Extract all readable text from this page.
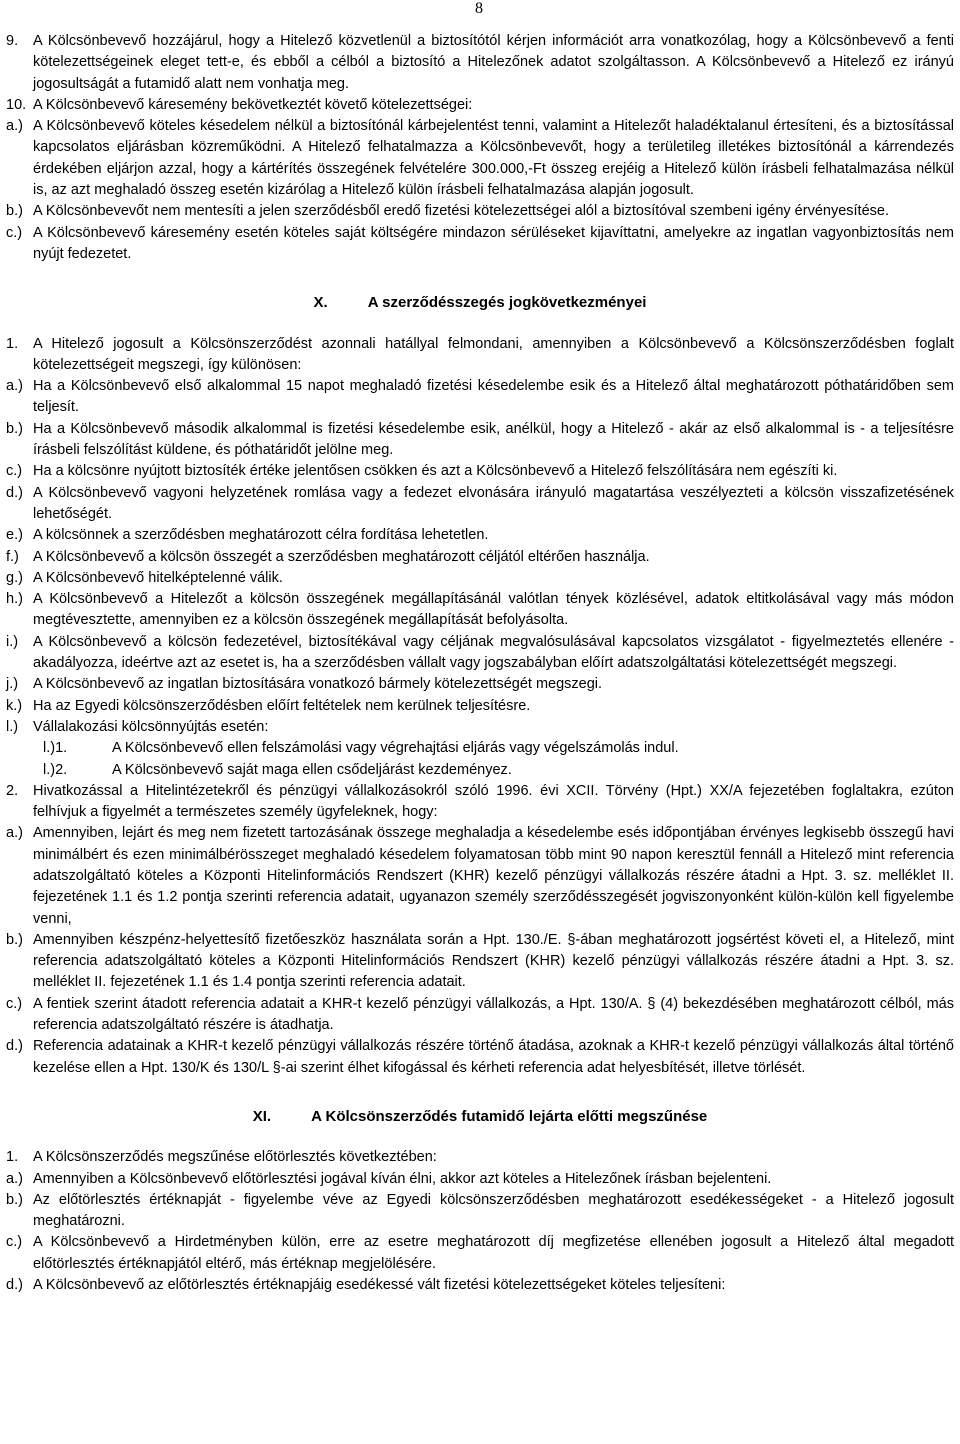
8
9.	A Kölcsönbevevő hozzájárul, hogy a Hitelező közvetlenül a biztosítótól kérjen információt arra vonatkozólag, hogy a Kölcsönbevevő a fenti kötelezettségeinek eleget tett-e, és ebből a célból a biztosító a Hitelezőnek adatot szolgáltasson. A Kölcsönbevevő a Hitelező ez irányú jogosultságát a futamidő alatt nem vonhatja meg.
10. A Kölcsönbevevő káresemény bekövetkeztét követő kötelezettségei:
a.) A Kölcsönbevevő köteles késedelem nélkül a biztosítónál kárbejelentést tenni, valamint a Hitelezőt haladéktalanul értesíteni, és a biztosítással kapcsolatos eljárásban közreműködni. A Hitelező felhatalmazza a Kölcsönbevevőt, hogy a területileg illetékes biztosítónál a kárrendezés érdekében eljárjon azzal, hogy a kártérítés összegének felvételére 300.000,-Ft összeg erejéig a Hitelező külön írásbeli felhatalmazása nélkül is, az azt meghaladó összeg esetén kizárólag a Hitelező külön írásbeli felhatalmazása alapján jogosult.
b.) A Kölcsönbevevőt nem mentesíti a jelen szerződésből eredő fizetési kötelezettségei alól a biztosítóval szembeni igény érvényesítése.
c.) A Kölcsönbevevő káresemény esetén köteles saját költségére mindazon sérüléseket kijavíttatni, amelyekre az ingatlan vagyonbiztosítás nem nyújt fedezetet.
X.	A szerződésszegés jogkövetkezményei
1.	A Hitelező jogosult a Kölcsönszerződést azonnali hatállyal felmondani, amennyiben a Kölcsönbevevő a Kölcsönszerződésben foglalt kötelezettségeit megszegi, így különösen:
a.) Ha a Kölcsönbevevő első alkalommal 15 napot meghaladó fizetési késedelembe esik és a Hitelező által meghatározott póthatáridőben sem teljesít.
b.) Ha a Kölcsönbevevő második alkalommal is fizetési késedelembe esik, anélkül, hogy a Hitelező - akár az első alkalommal is - a teljesítésre írásbeli felszólítást küldene, és póthatáridőt jelölne meg.
c.) Ha a kölcsönre nyújtott biztosíték értéke jelentősen csökken és azt a Kölcsönbevevő a Hitelező felszólítására nem egészíti ki.
d.) A Kölcsönbevevő vagyoni helyzetének romlása vagy a fedezet elvonására irányuló magatartása veszélyezteti a kölcsön visszafizetésének lehetőségét.
e.) A kölcsönnek a szerződésben meghatározott célra fordítása lehetetlen.
f.) A Kölcsönbevevő a kölcsön összegét a szerződésben meghatározott céljától eltérően használja.
g.) A Kölcsönbevevő hitelképtelenné válik.
h.) A Kölcsönbevevő a Hitelezőt a kölcsön összegének megállapításánál valótlan tények közlésével, adatok eltitkolásával vagy más módon megtévesztette, amennyiben ez a kölcsön összegének megállapítását befolyásolta.
i.)	A Kölcsönbevevő a kölcsön fedezetével, biztosítékával vagy céljának megvalósulásával kapcsolatos vizsgálatot - figyelmeztetés ellenére - akadályozza, ideértve azt az esetet is, ha a szerződésben vállalt vagy jogszabályban előírt adatszolgáltatási kötelezettségét megszegi.
j.)	A Kölcsönbevevő az ingatlan biztosítására vonatkozó bármely kötelezettségét megszegi.
k.) Ha az Egyedi kölcsönszerződésben előírt feltételek nem kerülnek teljesítésre.
l.)	Vállalakozási kölcsönnyújtás esetén:
l.)1.	A Kölcsönbevevő ellen felszámolási vagy végrehajtási eljárás vagy végelszámolás indul.
l.)2.	A Kölcsönbevevő saját maga ellen csődeljárást kezdeményez.
2.	Hivatkozással a Hitelintézetekről és pénzügyi vállalkozásokról szóló 1996. évi XCII. Törvény (Hpt.) XX/A fejezetében foglaltakra, ezúton felhívjuk a figyelmét a természetes személy ügyfeleknek, hogy:
a.) Amennyiben, lejárt és meg nem fizetett tartozásának összege meghaladja a késedelembe esés időpontjában érvényes legkisebb összegű havi minimálbért és ezen minimálbérösszeget meghaladó késedelem folyamatosan több mint 90 napon keresztül fennáll a Hitelező mint referencia adatszolgáltató köteles a Központi Hitelinformációs Rendszert (KHR) kezelő pénzügyi vállalkozás részére átadni a Hpt. 3. sz. melléklet II. fejezetének 1.1 és 1.2 pontja szerinti referencia adatait, ugyanazon személy szerződésszegését jogviszonyonként külön-külön kell figyelembe venni,
b.) Amennyiben készpénz-helyettesítő fizetőeszköz használata során a Hpt. 130./E. §-ában meghatározott jogsértést követi el, a Hitelező, mint referencia adatszolgáltató köteles a Központi Hitelinformációs Rendszert (KHR) kezelő pénzügyi vállalkozás részére átadni a Hpt. 3. sz. melléklet II. fejezetének 1.1 és 1.4 pontja szerinti referencia adatait.
c.) A fentiek szerint átadott referencia adatait a KHR-t kezelő pénzügyi vállalkozás, a Hpt. 130/A. § (4) bekezdésében meghatározott célból, más referencia adatszolgáltató részére is átadhatja.
d.) Referencia adatainak a KHR-t kezelő pénzügyi vállalkozás részére történő átadása, azoknak a KHR-t kezelő pénzügyi vállalkozás által történő kezelése ellen a Hpt. 130/K és 130/L §-ai szerint élhet kifogással és kérheti referencia adat helyesbítését, illetve törlését.
XI.	A Kölcsönszerződés futamidő lejárta előtti megszűnése
1.	A Kölcsönszerződés megszűnése előtörlesztés következtében:
a.) Amennyiben a Kölcsönbevevő előtörlesztési jogával kíván élni, akkor azt köteles a Hitelezőnek írásban bejelenteni.
b.) Az előtörlesztés értéknapját - figyelembe véve az Egyedi kölcsönszerződésben meghatározott esedékességeket - a Hitelező jogosult meghatározni.
c.) A Kölcsönbevevő a Hirdetményben külön, erre az esetre meghatározott díj megfizetése ellenében jogosult a Hitelező által megadott előtörlesztés értéknapjától eltérő, más értéknap megjelölésére.
d.) A Kölcsönbevevő az előtörlesztés értéknapjáig esedékessé vált fizetési kötelezettségeket köteles teljesíteni:
